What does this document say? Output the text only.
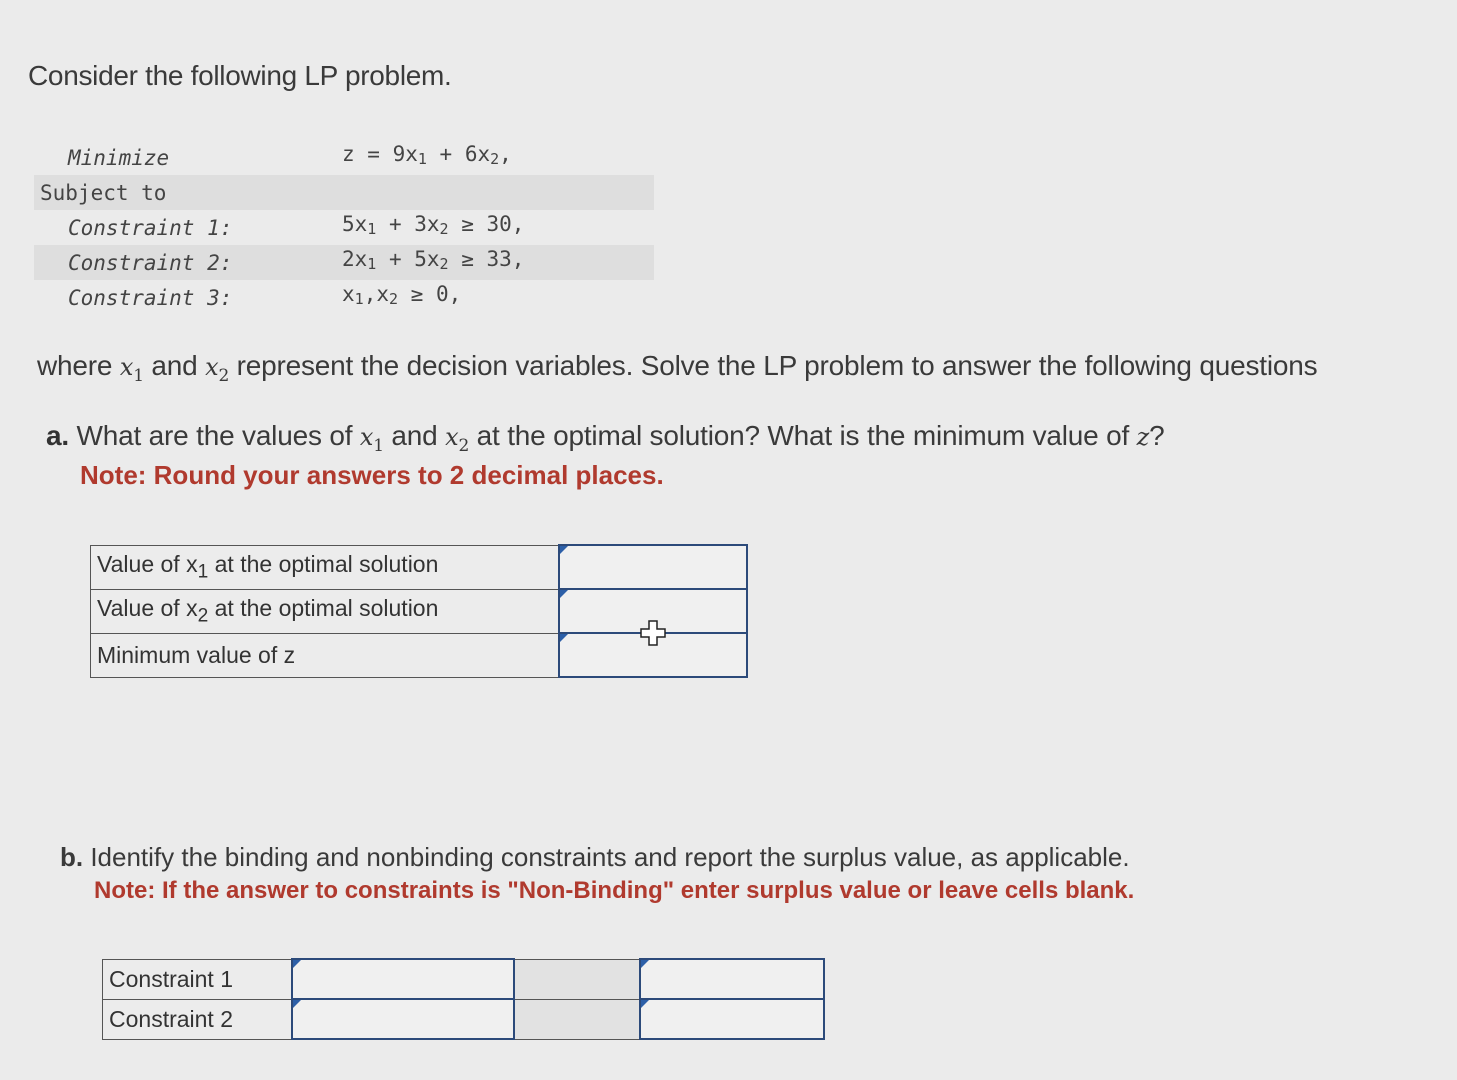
Consider the following LP problem.
Minimize	$z = 9x_1 + 6x_2$,
Subject to
Constraint 1:	$5x_1 + 3x_2 \ge 30$,
Constraint 2:	$2x_1 + 5x_2 \ge 33$,
Constraint 3:	$x_1,x_2 \ge 0$,
where $x_1$ and $x_2$ represent the decision variables. Solve the LP problem to answer the following questions
a. What are the values of $x_1$ and $x_2$ at the optimal solution? What is the minimum value of z?
Note: Round your answers to 2 decimal places.
Value of $x_1$ at the optimal solution	

Value of $x_2$ at the optimal solution	

Minimum value of z	
b. Identify the binding and nonbinding constraints and report the surplus value, as applicable.
Note: If the answer to constraints is "Non-Binding" enter surplus value or leave cells blank.
Constraint 1	

Constraint 2	
